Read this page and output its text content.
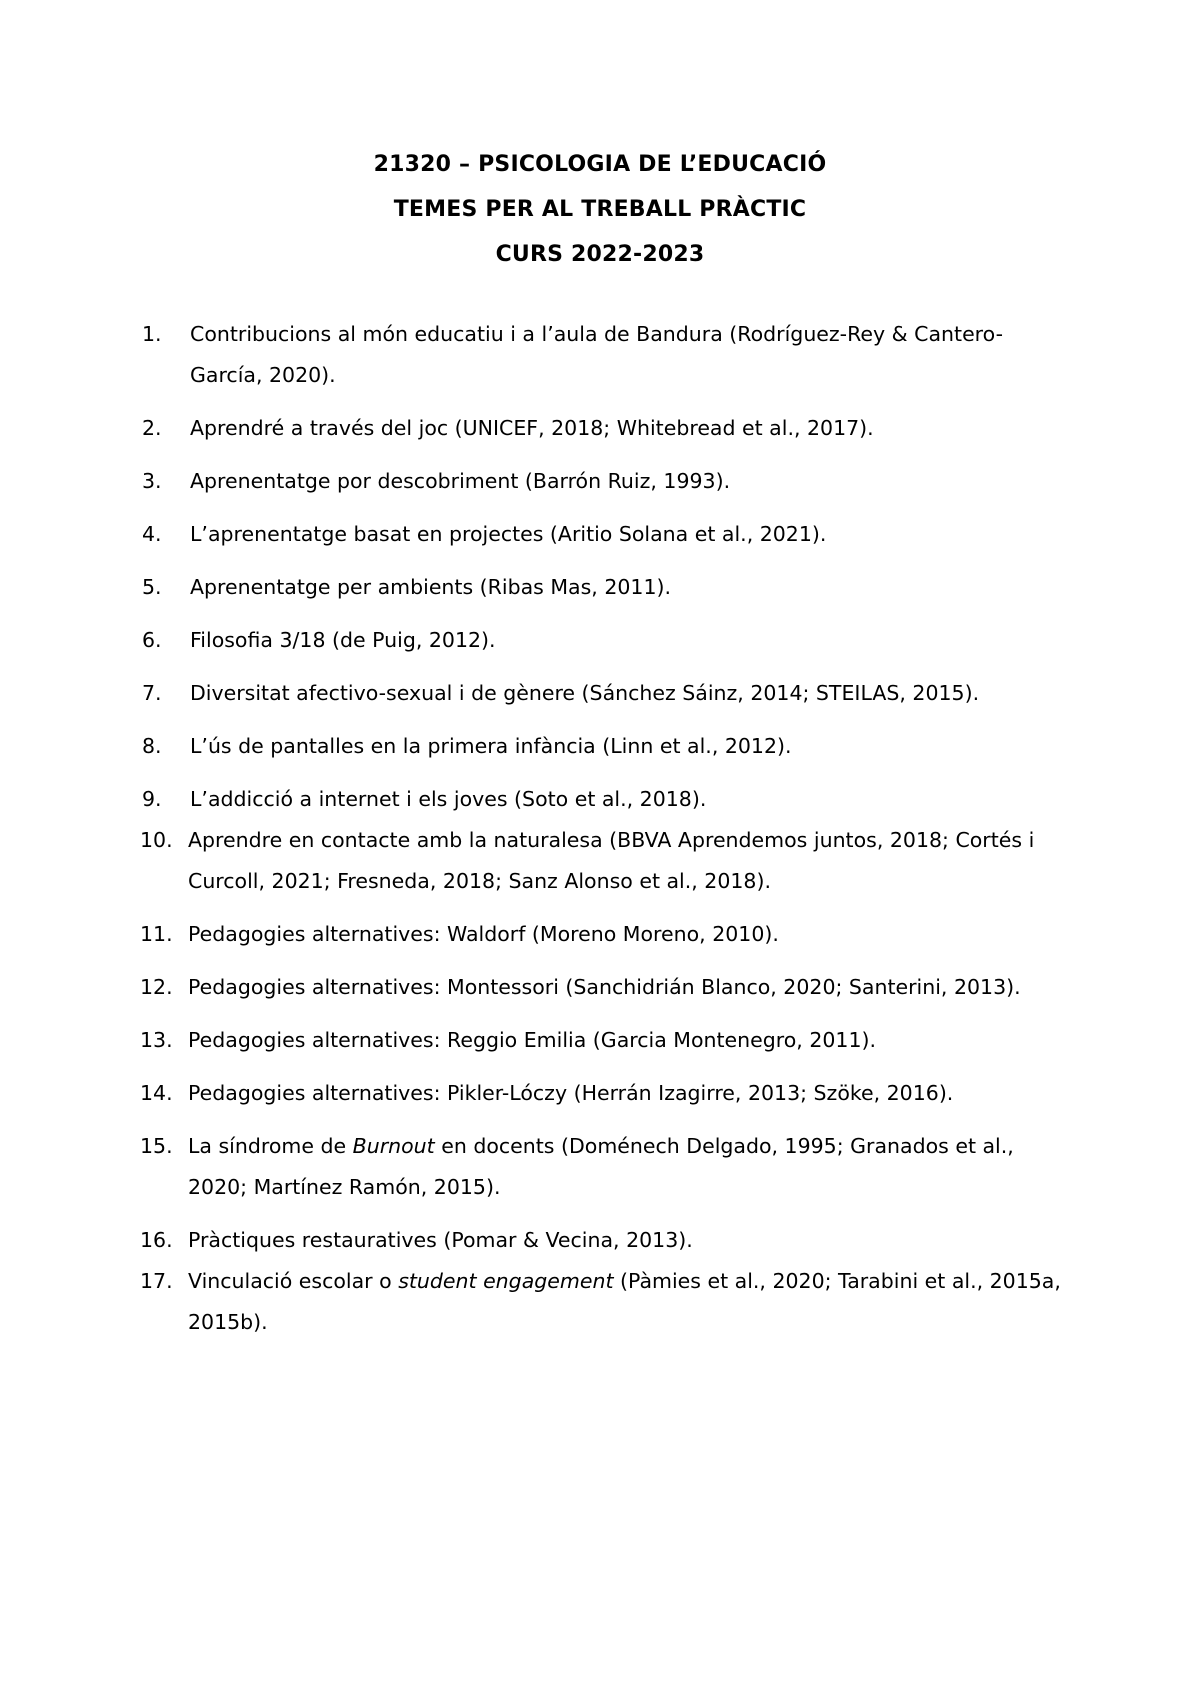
21320 – PSICOLOGIA DE L’EDUCACIÓ
TEMES PER AL TREBALL PRÀCTIC
CURS 2022-2023
1.	Contribucions al món educatiu i a l’aula de Bandura (Rodríguez-Rey & Cantero-García, 2020).
2.	Aprendré a través del joc (UNICEF, 2018; Whitebread et al., 2017).
3.	Aprenentatge por descobriment (Barrón Ruiz, 1993).
4.	L’aprenentatge basat en projectes (Aritio Solana et al., 2021).
5.	Aprenentatge per ambients (Ribas Mas, 2011).
6.	Filosofia 3/18 (de Puig, 2012).
7.	Diversitat afectivo-sexual i de gènere (Sánchez Sáinz, 2014; STEILAS, 2015).
8.	L’ús de pantalles en la primera infància (Linn et al., 2012).
9.	L’addicció a internet i els joves (Soto et al., 2018).
10. Aprendre en contacte amb la naturalesa (BBVA Aprendemos juntos, 2018; Cortés i Curcoll, 2021; Fresneda, 2018; Sanz Alonso et al., 2018).
11. Pedagogies alternatives: Waldorf (Moreno Moreno, 2010).
12. Pedagogies alternatives: Montessori (Sanchidrián Blanco, 2020; Santerini, 2013).
13. Pedagogies alternatives: Reggio Emilia (Garcia Montenegro, 2011).
14. Pedagogies alternatives: Pikler-Lóczy (Herrán Izagirre, 2013; Szöke, 2016).
15. La síndrome de Burnout en docents (Doménech Delgado, 1995; Granados et al., 2020; Martínez Ramón, 2015).
16. Pràctiques restauratives (Pomar & Vecina, 2013).
17. Vinculació escolar o student engagement (Pàmies et al., 2020; Tarabini et al., 2015a, 2015b).
